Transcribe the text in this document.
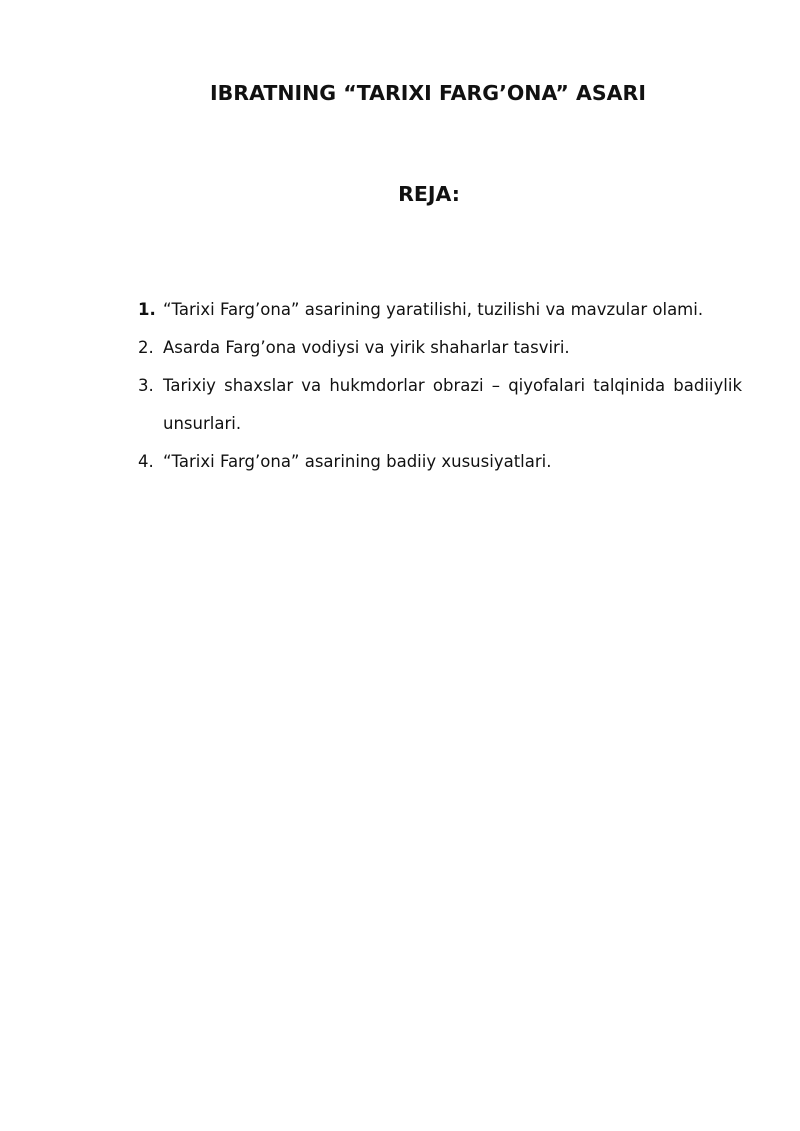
IBRATNING “TARIXI FARG’ONA” ASARI
REJA:
1. “Tarixi Farg’ona” asarining yaratilishi, tuzilishi va mavzular olami.
2. Asarda Farg’ona vodiysi va yirik shaharlar tasviri.
3. Tarixiy shaxslar va hukmdorlar obrazi – qiyofalari talqinida badiiylik unsurlari.
4. “Tarixi Farg’ona” asarining badiiy xususiyatlari.
